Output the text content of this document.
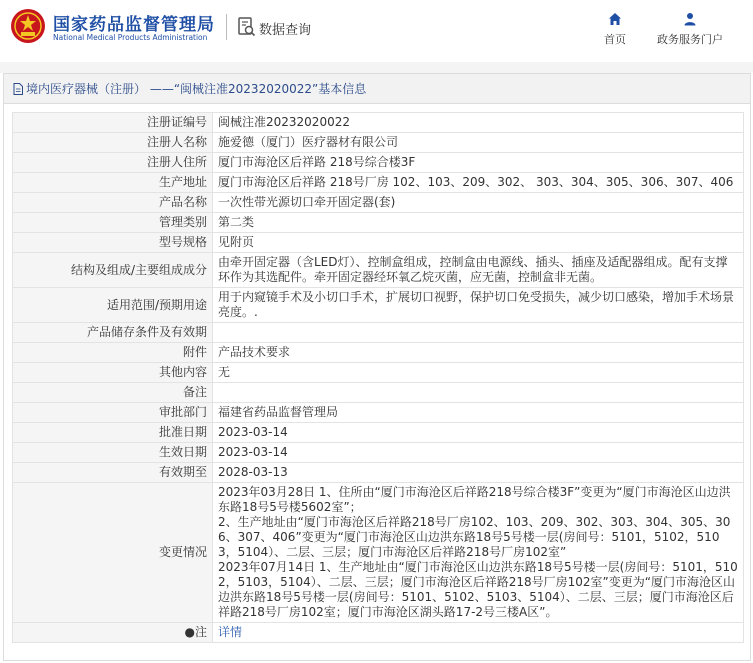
国家药品监督管理局
National Medical Products Administration	数据查询
首页	政务服务门户
境内医疗器械（注册） ——“闽械注准20232020022”基本信息
注册证编号	闽械注准20232020022
注册人名称	施爱德（厦门）医疗器材有限公司
注册人住所	厦门市海沧区后祥路 218号综合楼3F
生产地址	厦门市海沧区后祥路 218号厂房 102、103、209、302、 303、304、305、306、307、406
产品名称	一次性带光源切口牵开固定器(套)
管理类别	第二类
型号规格	见附页
结构及组成/主要组成成分	由牵开固定器（含LED灯）、控制盒组成，控制盒由电源线、插头、插座及适配器组成。配有支撑环作为其选配件。牵开固定器经环氧乙烷灭菌，应无菌，控制盒非无菌。
适用范围/预期用途	用于内窥镜手术及小切口手术，扩展切口视野，保护切口免受损失，减少切口感染，增加手术场景亮度。.
产品储存条件及有效期	
附件	产品技术要求
其他内容	无
备注	
审批部门	福建省药品监督管理局
批准日期	2023-03-14
生效日期	2023-03-14
有效期至	2028-03-13
变更情况	2023年03月28日 1、住所由“厦门市海沧区后祥路218号综合楼3F”变更为“厦门市海沧区山边洪东路18号5号楼5602室”；
2、生产地址由“厦门市海沧区后祥路218号厂房102、103、209、302、303、304、305、306、307、406”变更为“厦门市海沧区山边洪东路18号5号楼一层(房间号：5101，5102，5103，5104）、二层、三层；厦门市海沧区后祥路218号厂房102室”
2023年07月14日 1、生产地址由“厦门市海沧区山边洪东路18号5号楼一层(房间号：5101，5102，5103，5104）、二层、三层；厦门市海沧区后祥路218号厂房102室”变更为“厦门市海沧区山边洪东路18号5号楼一层(房间号：5101、5102、5103、5104）、二层、三层；厦门市海沧区后祥路218号厂房102室；厦门市海沧区湖头路17-2号三楼A区”。
●注	详情
